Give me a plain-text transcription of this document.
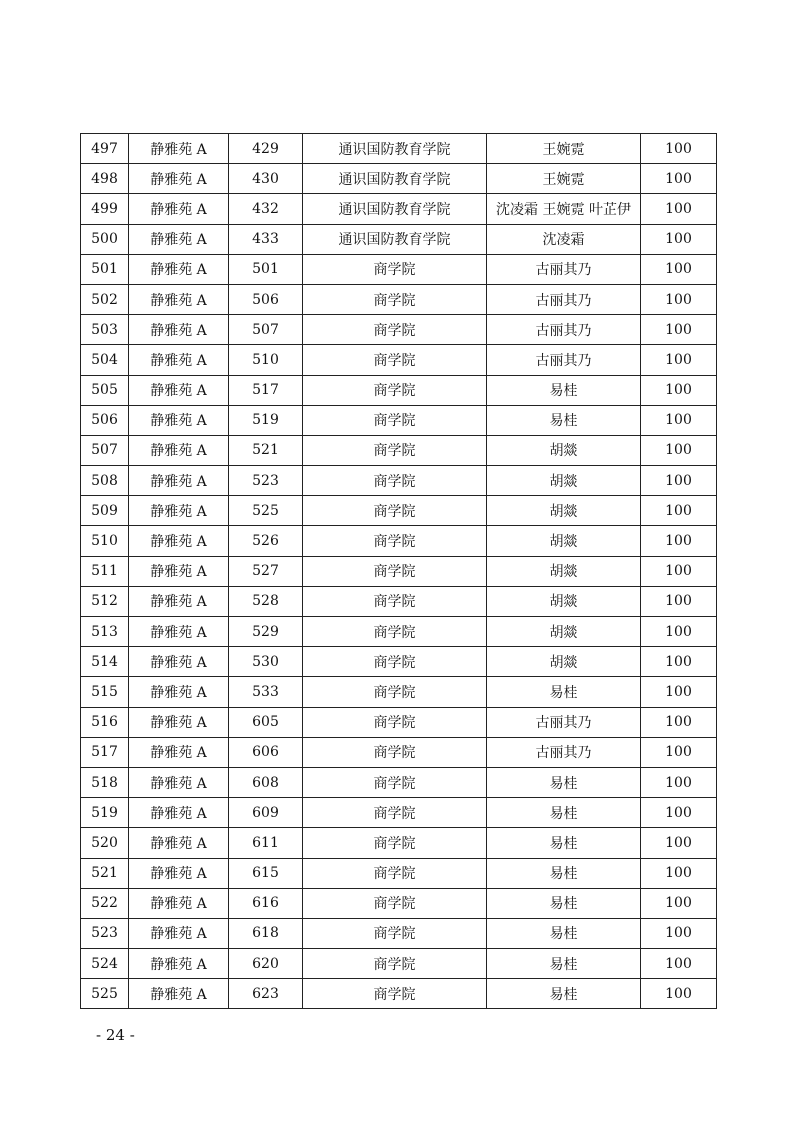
497	静雅苑 A	429	通识国防教育学院	王婉霓	100
498	静雅苑 A	430	通识国防教育学院	王婉霓	100
499	静雅苑 A	432	通识国防教育学院	沈凌霜 王婉霓 叶芷伊	100
500	静雅苑 A	433	通识国防教育学院	沈凌霜	100
501	静雅苑 A	501	商学院	古丽其乃	100
502	静雅苑 A	506	商学院	古丽其乃	100
503	静雅苑 A	507	商学院	古丽其乃	100
504	静雅苑 A	510	商学院	古丽其乃	100
505	静雅苑 A	517	商学院	易桂	100
506	静雅苑 A	519	商学院	易桂	100
507	静雅苑 A	521	商学院	胡燚	100
508	静雅苑 A	523	商学院	胡燚	100
509	静雅苑 A	525	商学院	胡燚	100
510	静雅苑 A	526	商学院	胡燚	100
511	静雅苑 A	527	商学院	胡燚	100
512	静雅苑 A	528	商学院	胡燚	100
513	静雅苑 A	529	商学院	胡燚	100
514	静雅苑 A	530	商学院	胡燚	100
515	静雅苑 A	533	商学院	易桂	100
516	静雅苑 A	605	商学院	古丽其乃	100
517	静雅苑 A	606	商学院	古丽其乃	100
518	静雅苑 A	608	商学院	易桂	100
519	静雅苑 A	609	商学院	易桂	100
520	静雅苑 A	611	商学院	易桂	100
521	静雅苑 A	615	商学院	易桂	100
522	静雅苑 A	616	商学院	易桂	100
523	静雅苑 A	618	商学院	易桂	100
524	静雅苑 A	620	商学院	易桂	100
525	静雅苑 A	623	商学院	易桂	100
- 24 -
